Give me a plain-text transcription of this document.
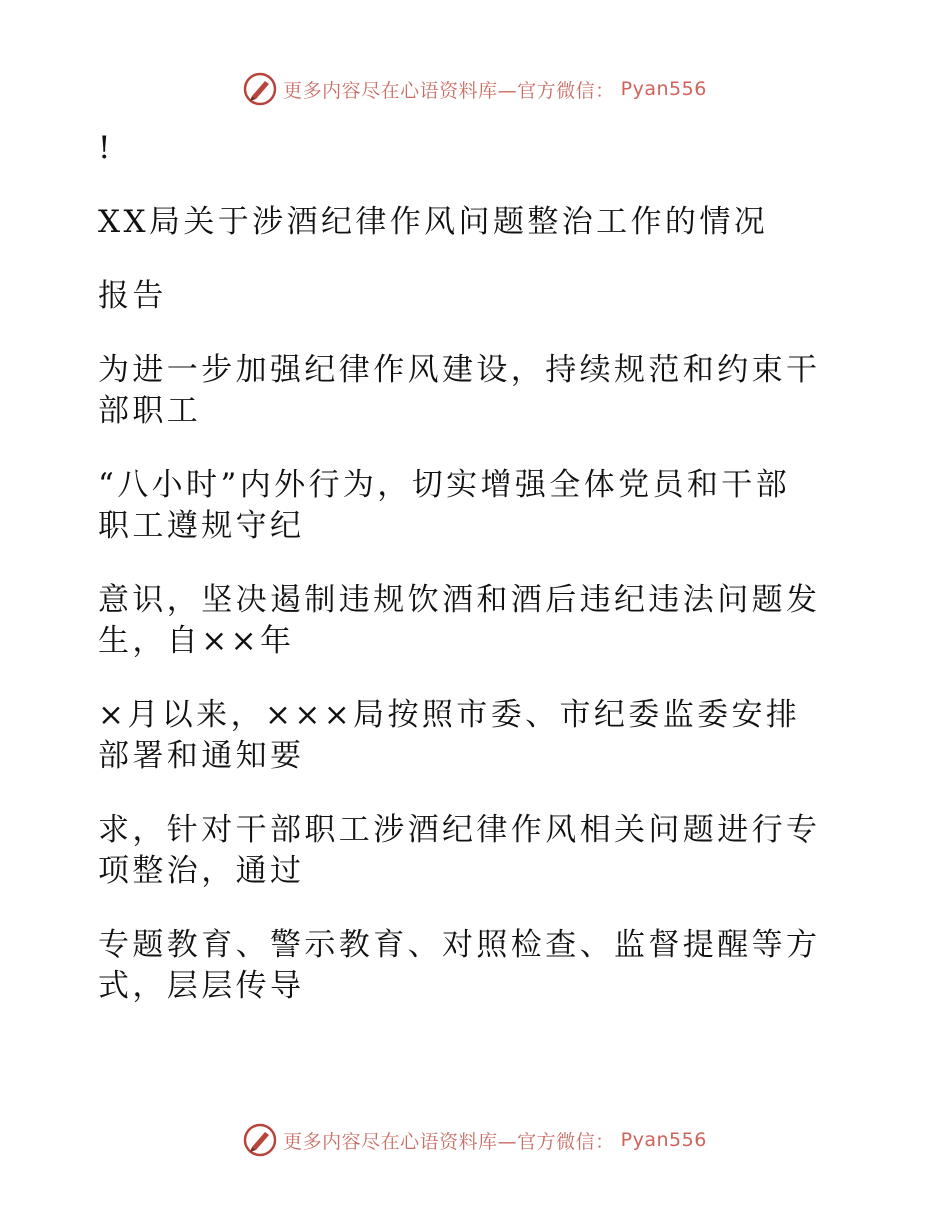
更多内容尽在心语资料库—官方微信： Pyan556

!

XX局关于涉酒纪律作风问题整治工作的情况

报告

为进一步加强纪律作风建设，持续规范和约束干

部职工

“八小时”内外行为，切实增强全体党员和干部

职工遵规守纪

意识，坚决遏制违规饮酒和酒后违纪违法问题发

生，自××年

×月以来，×××局按照市委、市纪委监委安排

部署和通知要

求，针对干部职工涉酒纪律作风相关问题进行专

项整治，通过

专题教育、警示教育、对照检查、监督提醒等方

式，层层传导

更多内容尽在心语资料库—官方微信： Pyan556
